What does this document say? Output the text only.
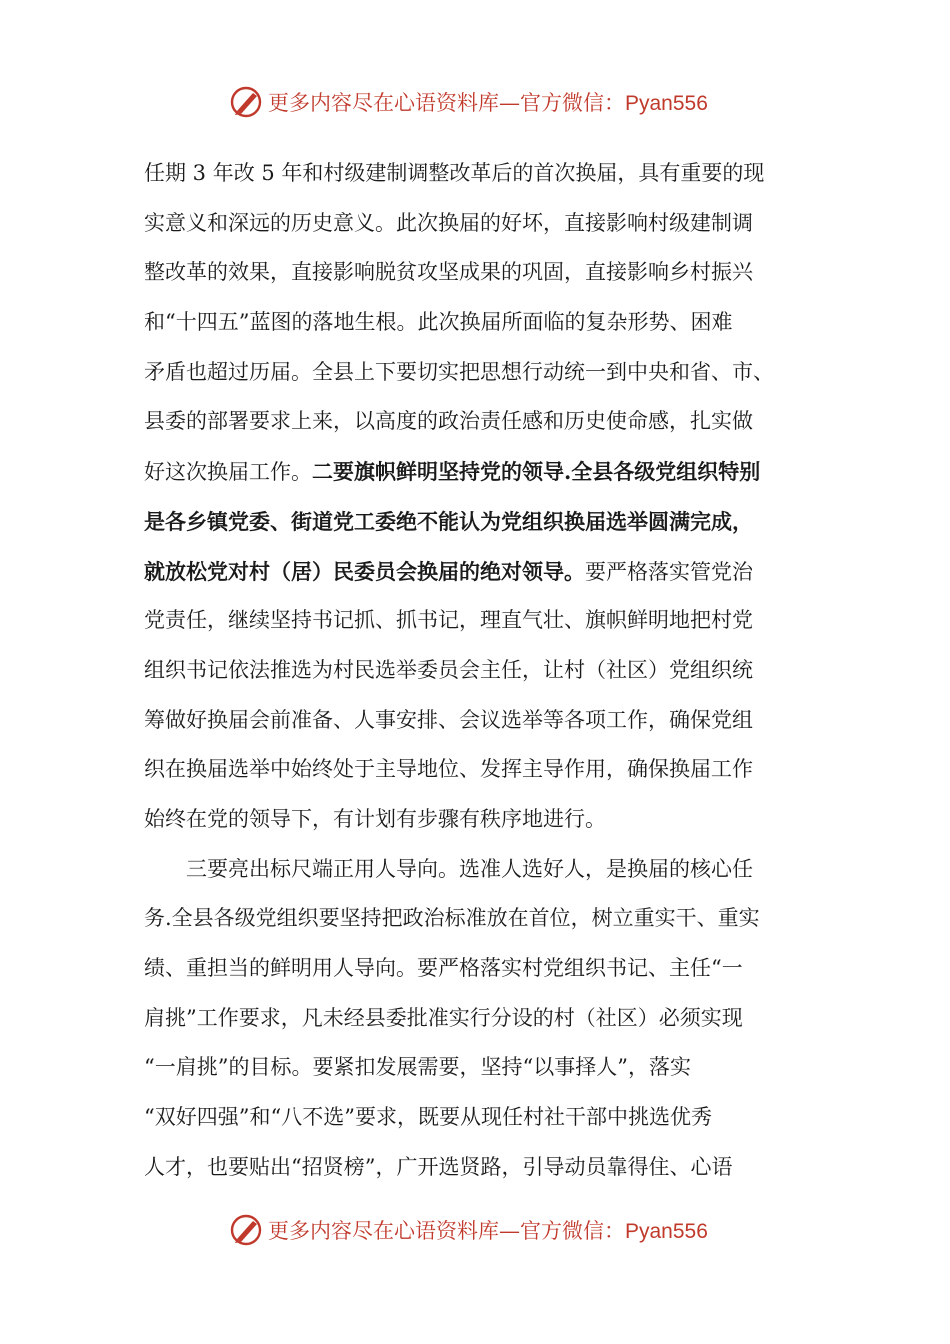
更多内容尽在心语资料库—官方微信：Pyan556
任期 3 年改 5 年和村级建制调整改革后的首次换届，具有重要的现
实意义和深远的历史意义。此次换届的好坏，直接影响村级建制调
整改革的效果，直接影响脱贫攻坚成果的巩固，直接影响乡村振兴
和“十四五”蓝图的落地生根。此次换届所面临的复杂形势、困难
矛盾也超过历届。全县上下要切实把思想行动统一到中央和省、市、
县委的部署要求上来，以高度的政治责任感和历史使命感，扎实做
好这次换届工作。二要旗帜鲜明坚持党的领导.全县各级党组织特别
是各乡镇党委、街道党工委绝不能认为党组织换届选举圆满完成，
就放松党对村（居）民委员会换届的绝对领导。要严格落实管党治
党责任，继续坚持书记抓、抓书记，理直气壮、旗帜鲜明地把村党
组织书记依法推选为村民选举委员会主任，让村（社区）党组织统
筹做好换届会前准备、人事安排、会议选举等各项工作，确保党组
织在换届选举中始终处于主导地位、发挥主导作用，确保换届工作
始终在党的领导下，有计划有步骤有秩序地进行。
三要亮出标尺端正用人导向。选准人选好人，是换届的核心任
务.全县各级党组织要坚持把政治标准放在首位，树立重实干、重实
绩、重担当的鲜明用人导向。要严格落实村党组织书记、主任“一
肩挑”工作要求，凡未经县委批准实行分设的村（社区）必须实现
“一肩挑”的目标。要紧扣发展需要，坚持“以事择人”，落实
“双好四强”和“八不选”要求，既要从现任村社干部中挑选优秀
人才，也要贴出“招贤榜”，广开选贤路，引导动员靠得住、心语
更多内容尽在心语资料库—官方微信：Pyan556
